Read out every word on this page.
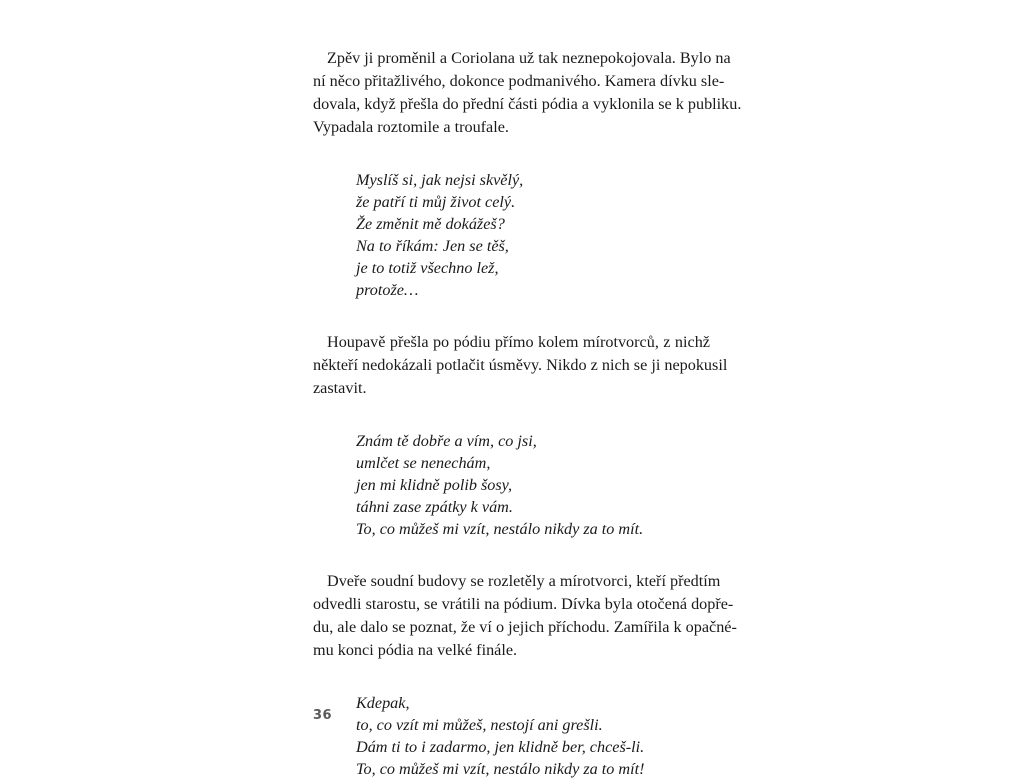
Zpěv ji proměnil a Coriolana už tak neznepokojovala. Bylo na
ní něco přitažlivého, dokonce podmanivého. Kamera dívku sle-
dovala, když přešla do přední části pódia a vyklonila se k publiku.
Vypadala roztomile a troufale.
Myslíš si, jak nejsi skvělý,
že patří ti můj život celý.
Že změnit mě dokážeš?
Na to říkám: Jen se těš,
je to totiž všechno lež,
protože…
Houpavě přešla po pódiu přímo kolem mírotvorců, z nichž
někteří nedokázali potlačit úsměvy. Nikdo z nich se ji nepokusil
zastavit.
Znám tě dobře a vím, co jsi,
umlčet se nenechám,
jen mi klidně polib šosy,
táhni zase zpátky k vám.
To, co můžeš mi vzít, nestálo nikdy za to mít.
Dveře soudní budovy se rozletěly a mírotvorci, kteří předtím
odvedli starostu, se vrátili na pódium. Dívka byla otočená dopře-
du, ale dalo se poznat, že ví o jejich příchodu. Zamířila k opačné-
mu konci pódia na velké finále.
Kdepak,
to, co vzít mi můžeš, nestojí ani grešli.
Dám ti to i zadarmo, jen klidně ber, chceš-li.
To, co můžeš mi vzít, nestálo nikdy za to mít!
36
